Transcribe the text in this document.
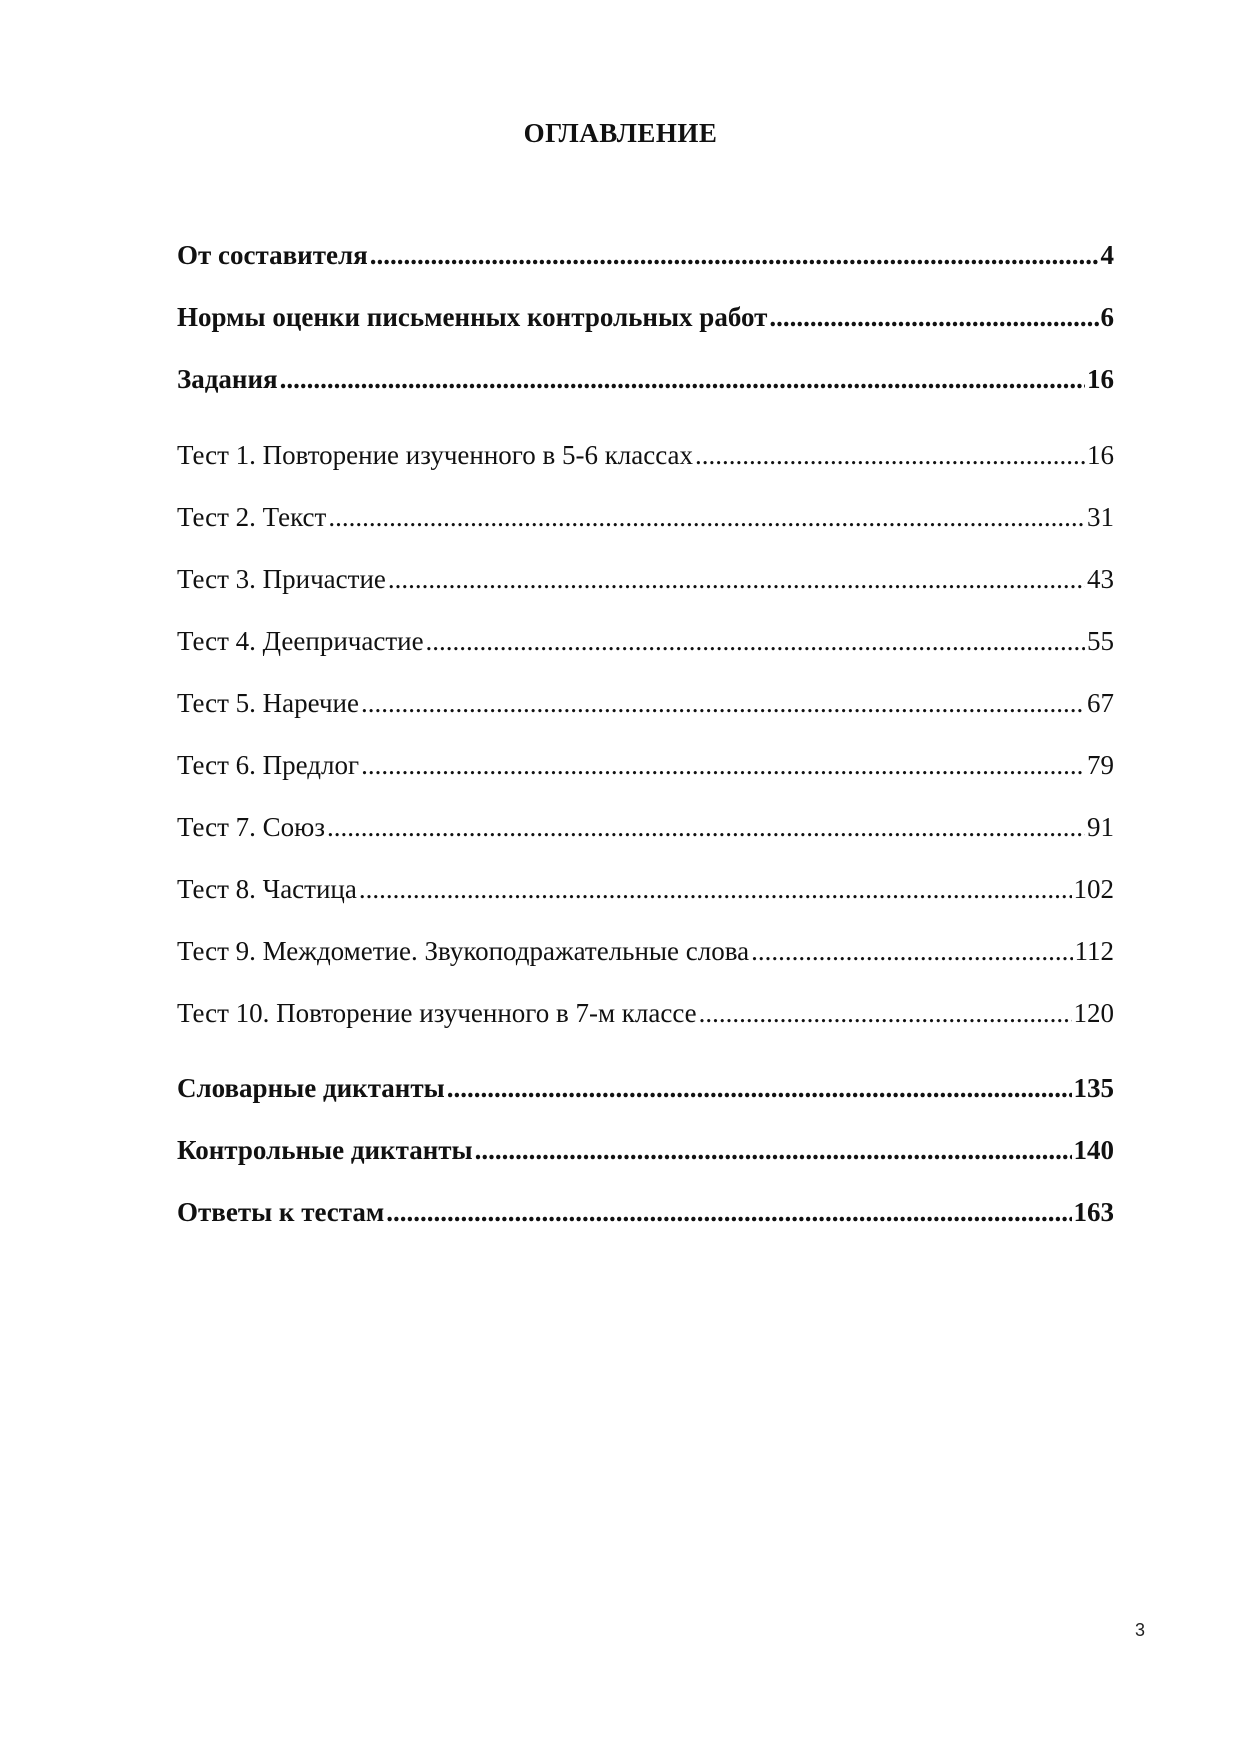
ОГЛАВЛЕНИЕ
От составителя .....	4
Нормы оценки письменных контрольных работ .....	6
Задания .....	16
Тест 1. Повторение изученного в 5-6 классах .....	16
Тест 2. Текст .....	31
Тест 3. Причастие .....	43
Тест 4. Деепричастие .....	55
Тест 5. Наречие .....	67
Тест 6. Предлог .....	79
Тест 7. Союз .....	91
Тест 8. Частица .....	102
Тест 9. Междометие. Звукоподражательные слова .....	112
Тест 10. Повторение изученного в 7-м классе .....	120
Словарные диктанты .....	135
Контрольные диктанты .....	140
Ответы к тестам .....	163
3
